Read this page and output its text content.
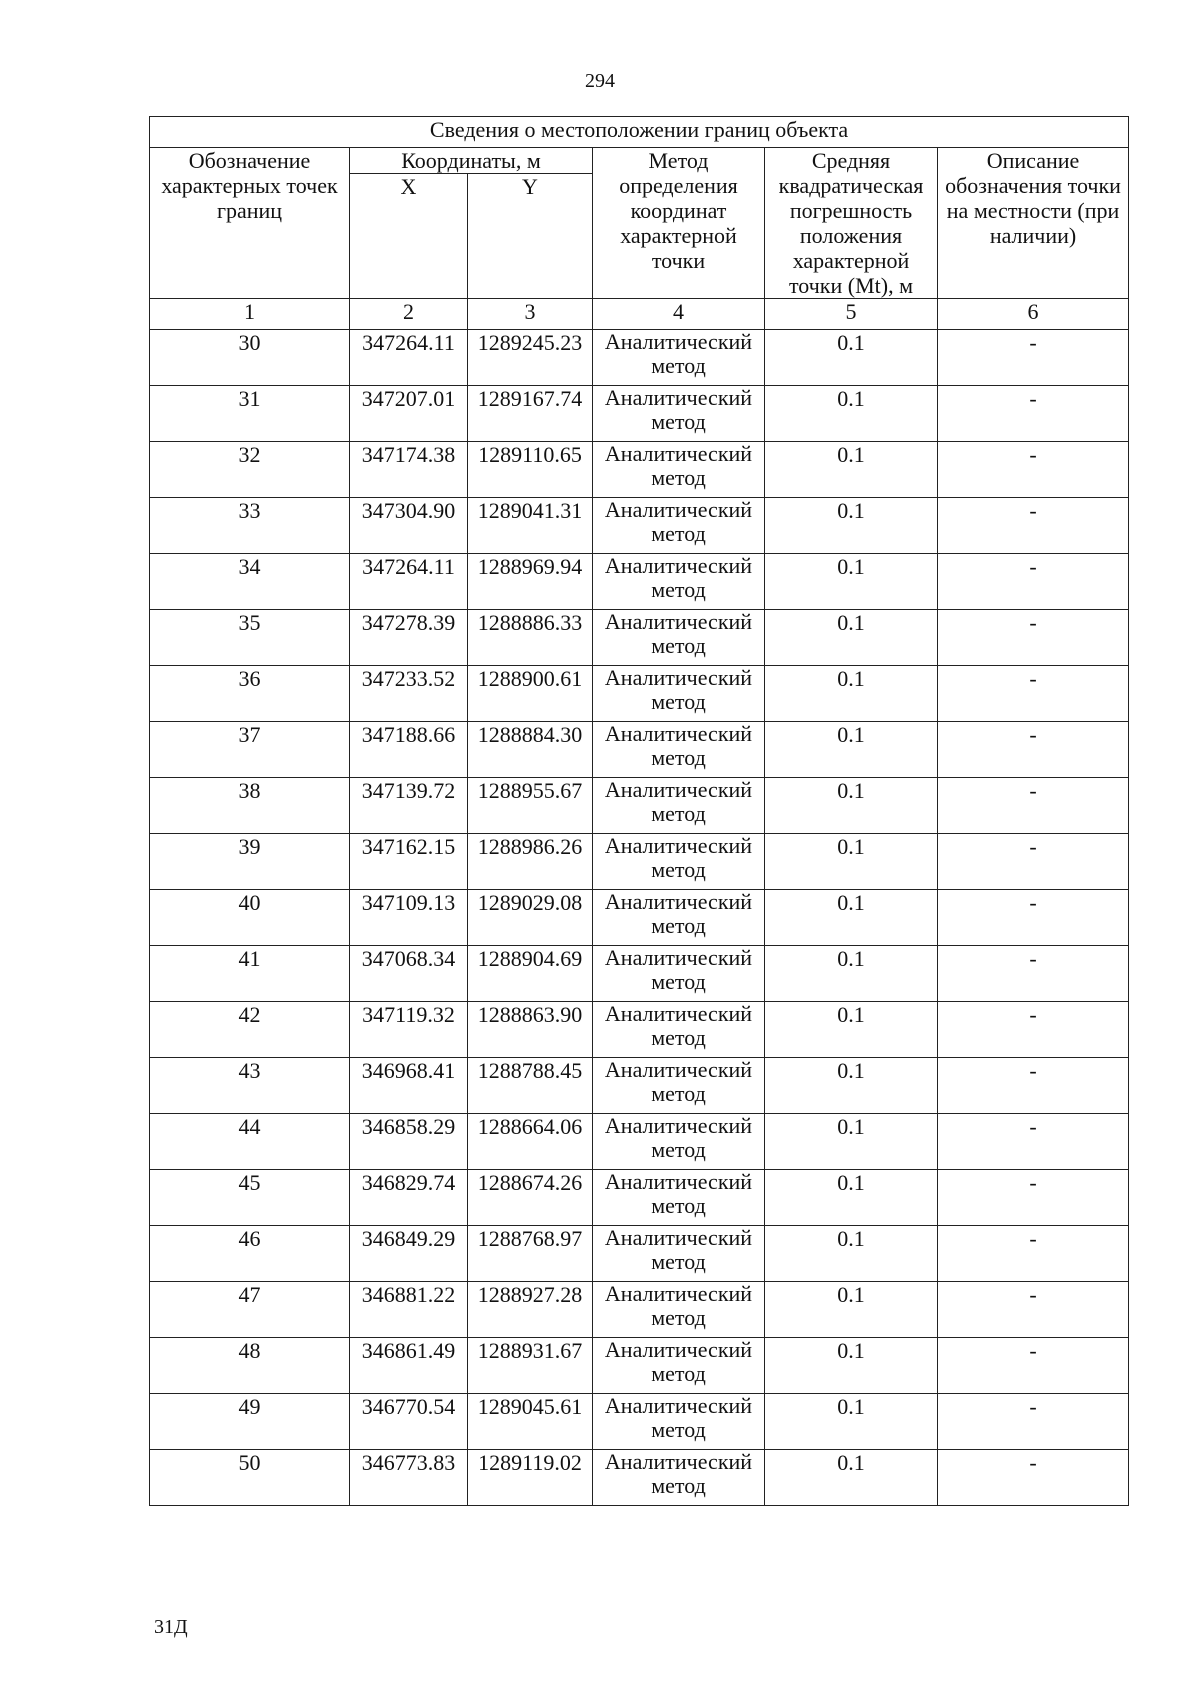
294
Сведения о местоположении границ объекта					
Обозначение характерных точек границ	Координаты, м		Метод определения координат характерной точки	Средняя квадратическая погрешность положения характерной точки (Mt), м	Описание обозначения точки на местности (при наличии)
	X	Y			
1	2	3	4	5	6
30	347264.11	1289245.23	Аналитический метод	0.1	-
31	347207.01	1289167.74	Аналитический метод	0.1	-
32	347174.38	1289110.65	Аналитический метод	0.1	-
33	347304.90	1289041.31	Аналитический метод	0.1	-
34	347264.11	1288969.94	Аналитический метод	0.1	-
35	347278.39	1288886.33	Аналитический метод	0.1	-
36	347233.52	1288900.61	Аналитический метод	0.1	-
37	347188.66	1288884.30	Аналитический метод	0.1	-
38	347139.72	1288955.67	Аналитический метод	0.1	-
39	347162.15	1288986.26	Аналитический метод	0.1	-
40	347109.13	1289029.08	Аналитический метод	0.1	-
41	347068.34	1288904.69	Аналитический метод	0.1	-
42	347119.32	1288863.90	Аналитический метод	0.1	-
43	346968.41	1288788.45	Аналитический метод	0.1	-
44	346858.29	1288664.06	Аналитический метод	0.1	-
45	346829.74	1288674.26	Аналитический метод	0.1	-
46	346849.29	1288768.97	Аналитический метод	0.1	-
47	346881.22	1288927.28	Аналитический метод	0.1	-
48	346861.49	1288931.67	Аналитический метод	0.1	-
49	346770.54	1289045.61	Аналитический метод	0.1	-
50	346773.83	1289119.02	Аналитический метод	0.1	-
31Д
